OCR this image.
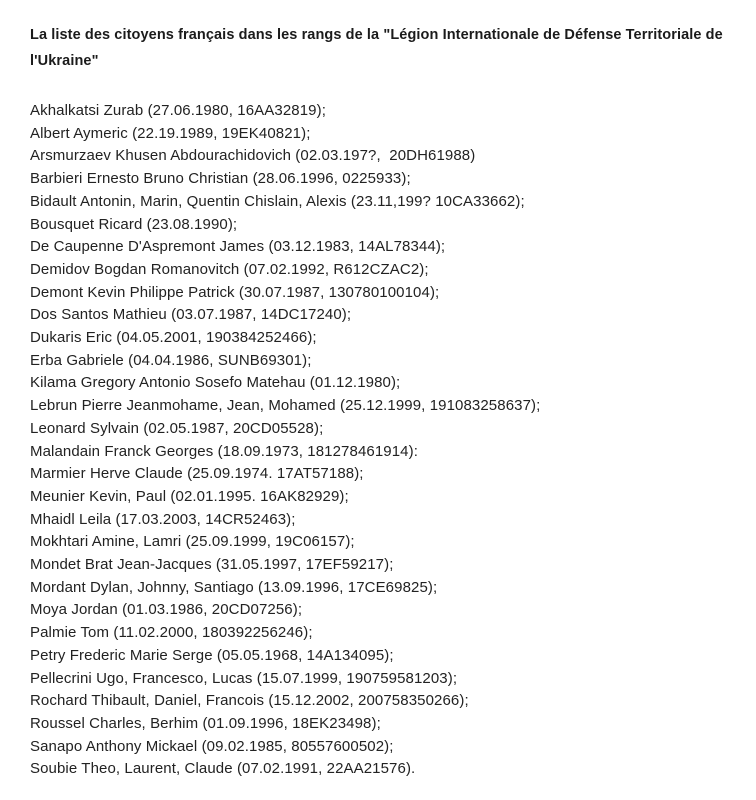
La liste des citoyens français dans les rangs de la "Légion Internationale de Défense Territoriale de l'Ukraine"
Akhalkatsi Zurab (27.06.1980, 16AA32819);
Albert Aymeric (22.19.1989, 19EK40821);
Arsmurzaev Khusen Abdourachidovich (02.03.197?,  20DH61988)
Barbieri Ernesto Bruno Christian (28.06.1996, 0225933);
Bidault Antonin, Marin, Quentin Chislain, Alexis (23.11,199? 10CA33662);
Bousquet Ricard (23.08.1990);
De Caupenne D'Aspremont James (03.12.1983, 14AL78344);
Demidov Bogdan Romanovitch (07.02.1992, R612CZAC2);
Demont Kevin Philippe Patrick (30.07.1987, 130780100104);
Dos Santos Mathieu (03.07.1987, 14DC17240);
Dukaris Eric (04.05.2001, 190384252466);
Erba Gabriele (04.04.1986, SUNB69301);
Kilama Gregory Antonio Sosefo Matehau (01.12.1980);
Lebrun Pierre Jeanmohame, Jean, Mohamed (25.12.1999, 191083258637);
Leonard Sylvain (02.05.1987, 20CD05528);
Malandain Franck Georges (18.09.1973, 181278461914):
Marmier Herve Claude (25.09.1974. 17AT57188);
Meunier Kevin, Paul (02.01.1995. 16AK82929);
Mhaidl Leila (17.03.2003, 14CR52463);
Mokhtari Amine, Lamri (25.09.1999, 19C06157);
Mondet Brat Jean-Jacques (31.05.1997, 17EF59217);
Mordant Dylan, Johnny, Santiago (13.09.1996, 17CE69825);
Moya Jordan (01.03.1986, 20CD07256);
Palmie Tom (11.02.2000, 180392256246);
Petry Frederic Marie Serge (05.05.1968, 14A134095);
Pellecrini Ugo, Francesco, Lucas (15.07.1999, 190759581203);
Rochard Thibault, Daniel, Francois (15.12.2002, 200758350266);
Roussel Charles, Berhim (01.09.1996, 18EK23498);
Sanapo Anthony Mickael (09.02.1985, 80557600502);
Soubie Theo, Laurent, Claude (07.02.1991, 22AA21576).
